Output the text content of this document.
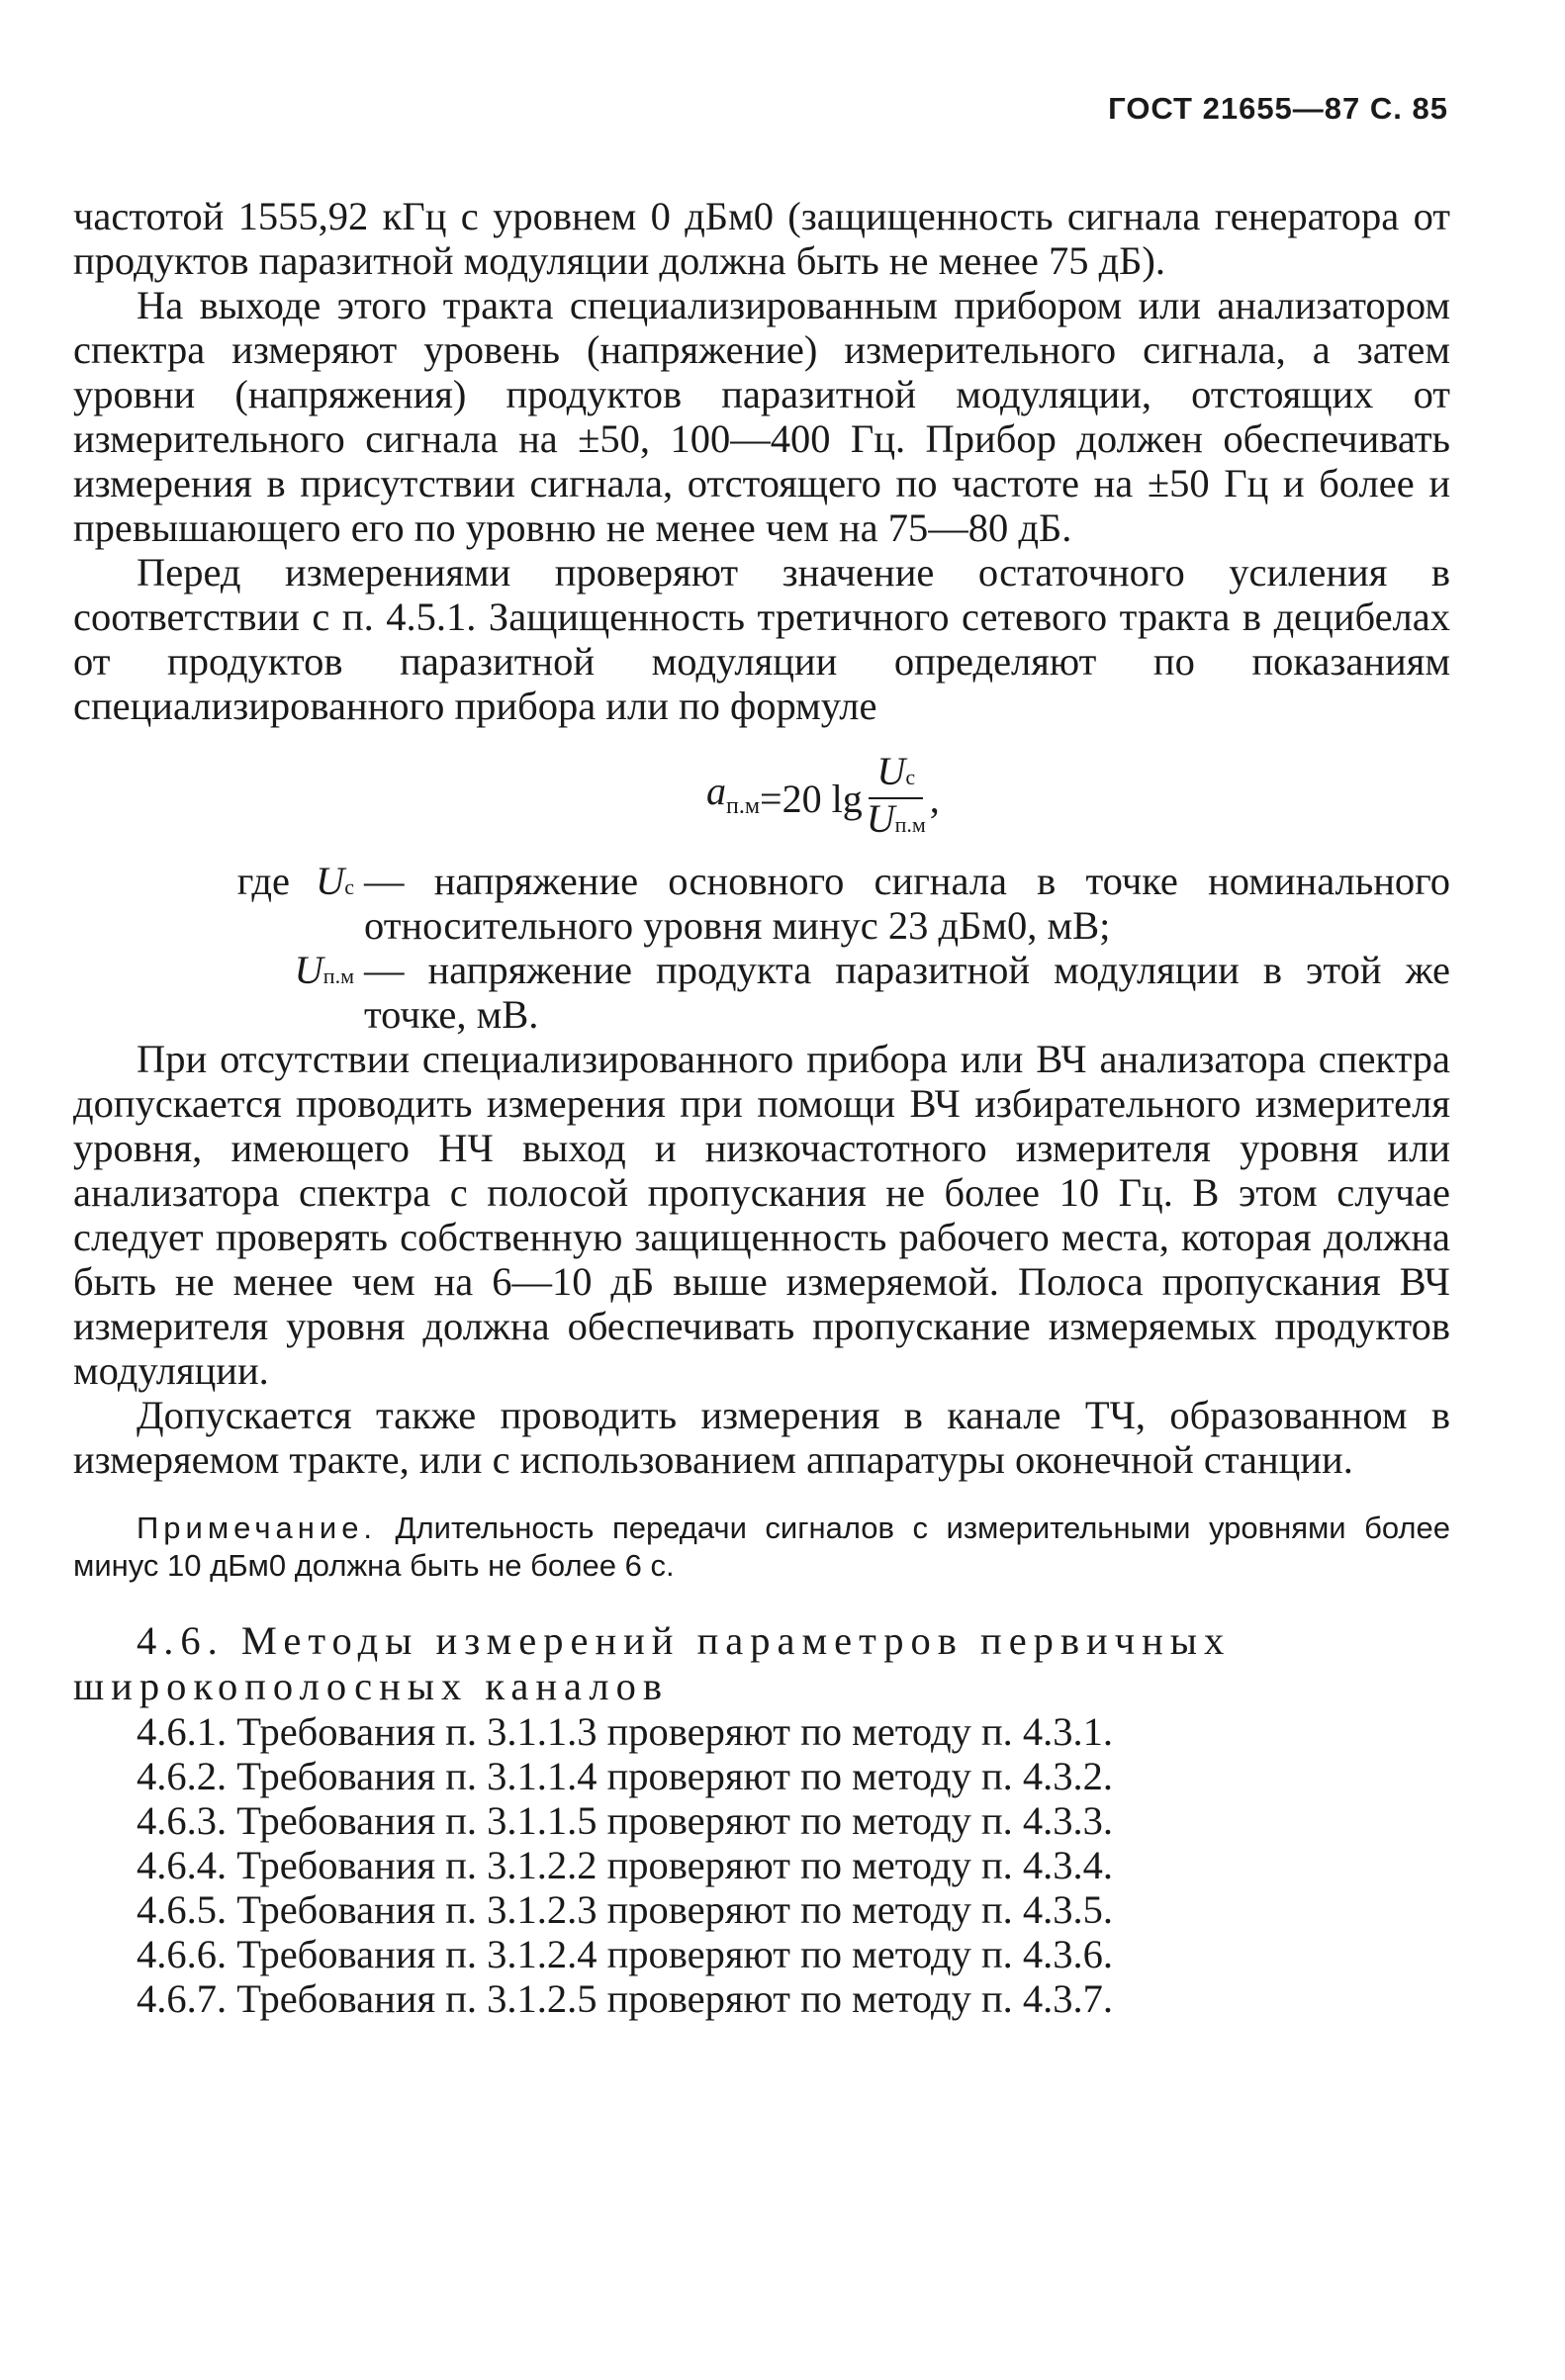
ГОСТ 21655—87 С. 85

частотой 1555,92 кГц с уровнем 0 дБм0 (защищенность сигнала генератора от продуктов паразитной модуляции должна быть не менее 75 дБ).

На выходе этого тракта специализированным прибором или анализатором спектра измеряют уровень (напряжение) измерительного сигнала, а затем уровни (напряжения) продуктов паразитной модуляции, отстоящих от измерительного сигнала на ±50, 100—400 Гц. Прибор должен обеспечивать измерения в присутствии сигнала, отстоящего по частоте на ±50 Гц и более и превышающего его по уровню не менее чем на 75—80 дБ.

Перед измерениями проверяют значение остаточного усиления в соответствии с п. 4.5.1. Защищенность третичного сетевого тракта в децибелах от продуктов паразитной модуляции определяют по показаниям специализированного прибора или по формуле

$a_{п.м} =20$ $\lg \frac{Uc}{Uп.м}$ ,
где Uc — напряжение основного сигнала в точке номинального относительного уровня минус 23 дБм0, мВ;
Uп.м — напряжение продукта паразитной модуляции в этой же точке, мВ.

При отсутствии специализированного прибора или ВЧ анализатора спектра допускается проводить измерения при помощи ВЧ избирательного измерителя уровня, имеющего НЧ выход и низкочастотного измерителя уровня или анализатора спектра с полосой пропускания не более 10 Гц. В этом случае следует проверять собственную защищенность рабочего места, которая должна быть не менее чем на 6—10 дБ выше измеряемой. Полоса пропускания ВЧ измерителя уровня должна обеспечивать пропускание измеряемых продуктов модуляции.

Допускается также проводить измерения в канале ТЧ, образованном в измеряемом тракте, или с использованием аппаратуры оконечной станции.

Примечание. Длительность передачи сигналов с измерительными уровнями более минус 10 дБм0 должна быть не более 6 с.
4.6. Методы измерений параметров первичных широкополосных каналов
4.6.1. Требования п. 3.1.1.3 проверяют по методу п. 4.3.1.
4.6.2. Требования п. 3.1.1.4 проверяют по методу п. 4.3.2.
4.6.3. Требования п. 3.1.1.5 проверяют по методу п. 4.3.3.
4.6.4. Требования п. 3.1.2.2 проверяют по методу п. 4.3.4.
4.6.5. Требования п. 3.1.2.3 проверяют по методу п. 4.3.5.
4.6.6. Требования п. 3.1.2.4 проверяют по методу п. 4.3.6.
4.6.7. Требования п. 3.1.2.5 проверяют по методу п. 4.3.7.
